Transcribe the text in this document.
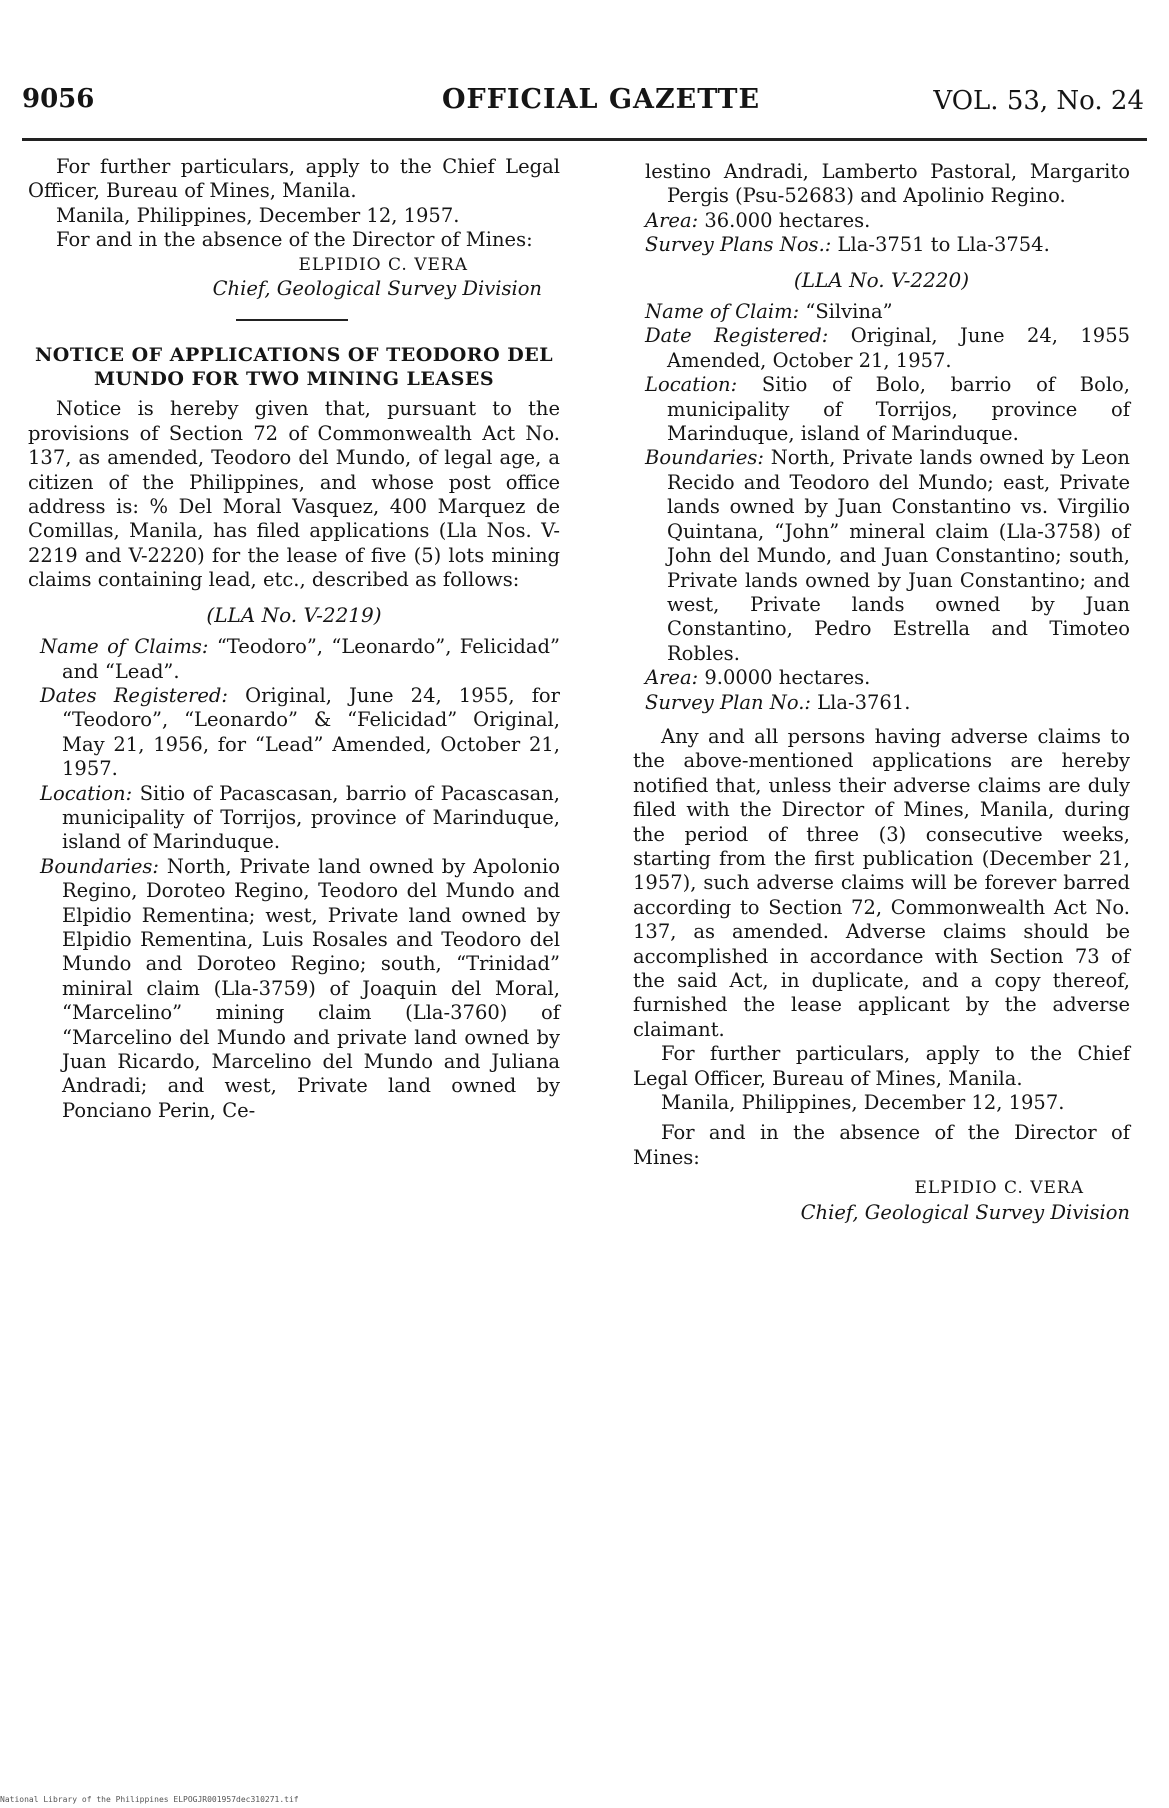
9056	OFFICIAL GAZETTE	VOL. 53, No. 24

For further particulars, apply to the Chief Legal Officer, Bureau of Mines, Manila.

Manila, Philippines, December 12, 1957.

For and in the absence of the Director of Mines:

ELPIDIO C. VERA

Chief, Geological Survey Division

NOTICE OF APPLICATIONS OF TEODORO DEL MUNDO FOR TWO MINING LEASES

Notice is hereby given that, pursuant to the provisions of Section 72 of Commonwealth Act No. 137, as amended, Teodoro del Mundo, of legal age, a citizen of the Philippines, and whose post office address is: % Del Moral Vasquez, 400 Marquez de Comillas, Manila, has filed applications (Lla Nos. V-2219 and V-2220) for the lease of five (5) lots mining claims containing lead, etc., described as follows:

(LLA No. V-2219)

Name of Claims: “Teodoro”, “Leonardo”, Felicidad” and “Lead”.

Dates Registered: Original, June 24, 1955, for “Teodoro”, “Leonardo” & “Felicidad” Original, May 21, 1956, for “Lead” Amended, October 21, 1957.

Location: Sitio of Pacascasan, barrio of Pacascasan, municipality of Torrijos, province of Marinduque, island of Marinduque.

Boundaries: North, Private land owned by Apolonio Regino, Doroteo Regino, Teodoro del Mundo and Elpidio Rementina; west, Private land owned by Elpidio Rementina, Luis Rosales and Teodoro del Mundo and Doroteo Regino; south, “Trinidad” miniral claim (Lla-3759) of Joaquin del Moral, “Marcelino” mining claim (Lla-3760) of “Marcelino del Mundo and private land owned by Juan Ricardo, Marcelino del Mundo and Juliana Andradi; and west, Private land owned by Ponciano Perin, Ce-

lestino Andradi, Lamberto Pastoral, Margarito Pergis (Psu-52683) and Apolinio Regino.

Area: 36.000 hectares.

Survey Plans Nos.: Lla-3751 to Lla-3754.

(LLA No. V-2220)

Name of Claim: “Silvina”

Date Registered: Original, June 24, 1955 Amended, October 21, 1957.

Location: Sitio of Bolo, barrio of Bolo, municipality of Torrijos, province of Marinduque, island of Marinduque.

Boundaries: North, Private lands owned by Leon Recido and Teodoro del Mundo; east, Private lands owned by Juan Constantino vs. Virgilio Quintana, “John” mineral claim (Lla-3758) of John del Mundo, and Juan Constantino; south, Private lands owned by Juan Constantino; and west, Private lands owned by Juan Constantino, Pedro Estrella and Timoteo Robles.

Area: 9.0000 hectares.

Survey Plan No.: Lla-3761.

Any and all persons having adverse claims to the above-mentioned applications are hereby notified that, unless their adverse claims are duly filed with the Director of Mines, Manila, during the period of three (3) consecutive weeks, starting from the first publication (December 21, 1957), such adverse claims will be forever barred according to Section 72, Commonwealth Act No. 137, as amended. Adverse claims should be accomplished in accordance with Section 73 of the said Act, in duplicate, and a copy thereof, furnished the lease applicant by the adverse claimant.

For further particulars, apply to the Chief Legal Officer, Bureau of Mines, Manila.

Manila, Philippines, December 12, 1957.

For and in the absence of the Director of Mines:

ELPIDIO C. VERA

Chief, Geological Survey Division

National Library of the Philippines ELPOGJR001957dec310271.tif
